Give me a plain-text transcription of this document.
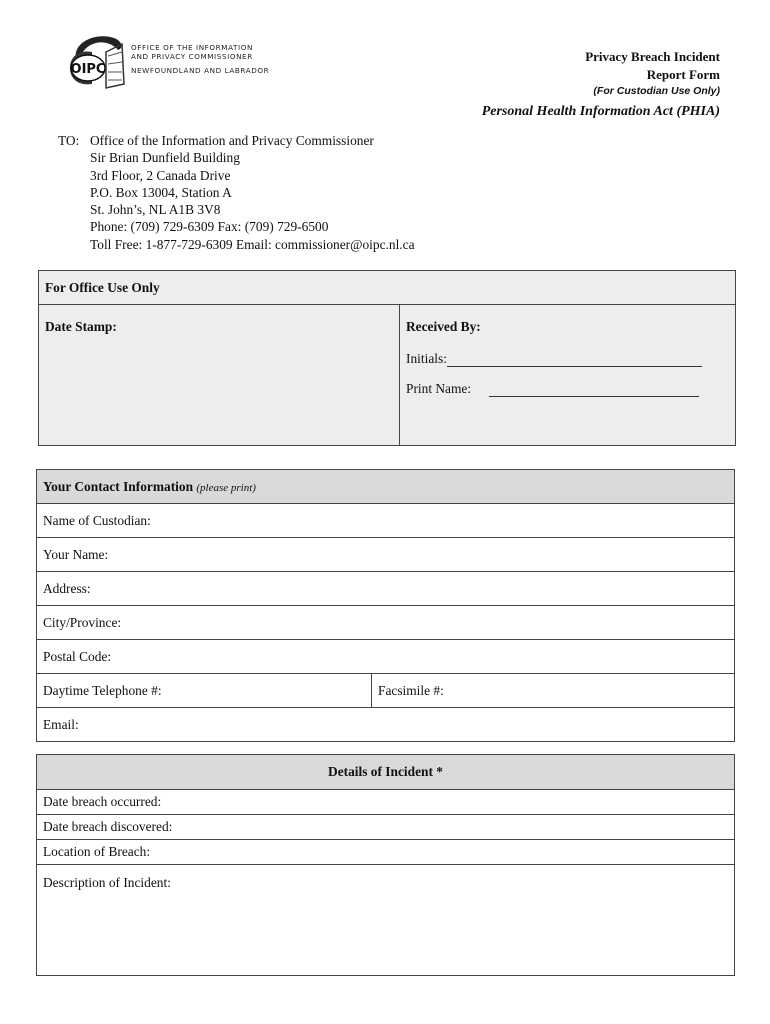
OIPC
OFFICE OF THE INFORMATION
AND PRIVACY COMMISSIONER
NEWFOUNDLAND AND LABRADOR
Privacy Breach Incident
Report Form
(For Custodian Use Only)
Personal Health Information Act (PHIA)
TO: Office of the Information and Privacy Commissioner
Sir Brian Dunfield Building
3rd Floor, 2 Canada Drive
P.O. Box 13004, Station A
St. John’s, NL A1B 3V8
Phone: (709) 729-6309 Fax: (709) 729-6500
Toll Free: 1-877-729-6309 Email: commissioner@oipc.nl.ca
For Office Use Only

Date Stamp:	Received By:
Initials:
Print Name:
Your Contact Information (please print)
Name of Custodian:
Your Name:
Address:
City/Province:
Postal Code:
Daytime Telephone #:	Facsimile #:
Email:
Details of Incident *
Date breach occurred:
Date breach discovered:
Location of Breach:
Description of Incident:
